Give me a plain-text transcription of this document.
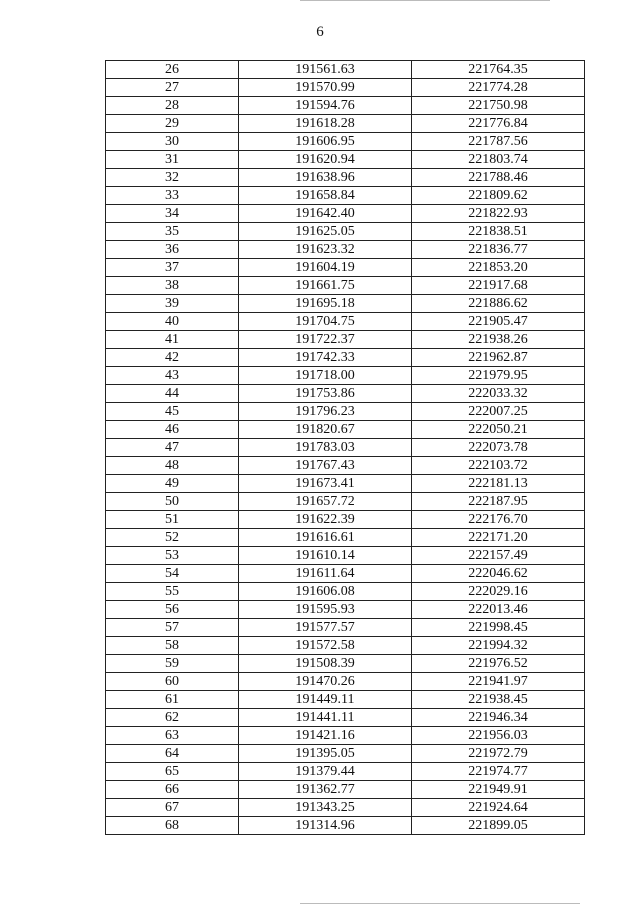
6
26	191561.63	221764.35
27	191570.99	221774.28
28	191594.76	221750.98
29	191618.28	221776.84
30	191606.95	221787.56
31	191620.94	221803.74
32	191638.96	221788.46
33	191658.84	221809.62
34	191642.40	221822.93
35	191625.05	221838.51
36	191623.32	221836.77
37	191604.19	221853.20
38	191661.75	221917.68
39	191695.18	221886.62
40	191704.75	221905.47
41	191722.37	221938.26
42	191742.33	221962.87
43	191718.00	221979.95
44	191753.86	222033.32
45	191796.23	222007.25
46	191820.67	222050.21
47	191783.03	222073.78
48	191767.43	222103.72
49	191673.41	222181.13
50	191657.72	222187.95
51	191622.39	222176.70
52	191616.61	222171.20
53	191610.14	222157.49
54	191611.64	222046.62
55	191606.08	222029.16
56	191595.93	222013.46
57	191577.57	221998.45
58	191572.58	221994.32
59	191508.39	221976.52
60	191470.26	221941.97
61	191449.11	221938.45
62	191441.11	221946.34
63	191421.16	221956.03
64	191395.05	221972.79
65	191379.44	221974.77
66	191362.77	221949.91
67	191343.25	221924.64
68	191314.96	221899.05
